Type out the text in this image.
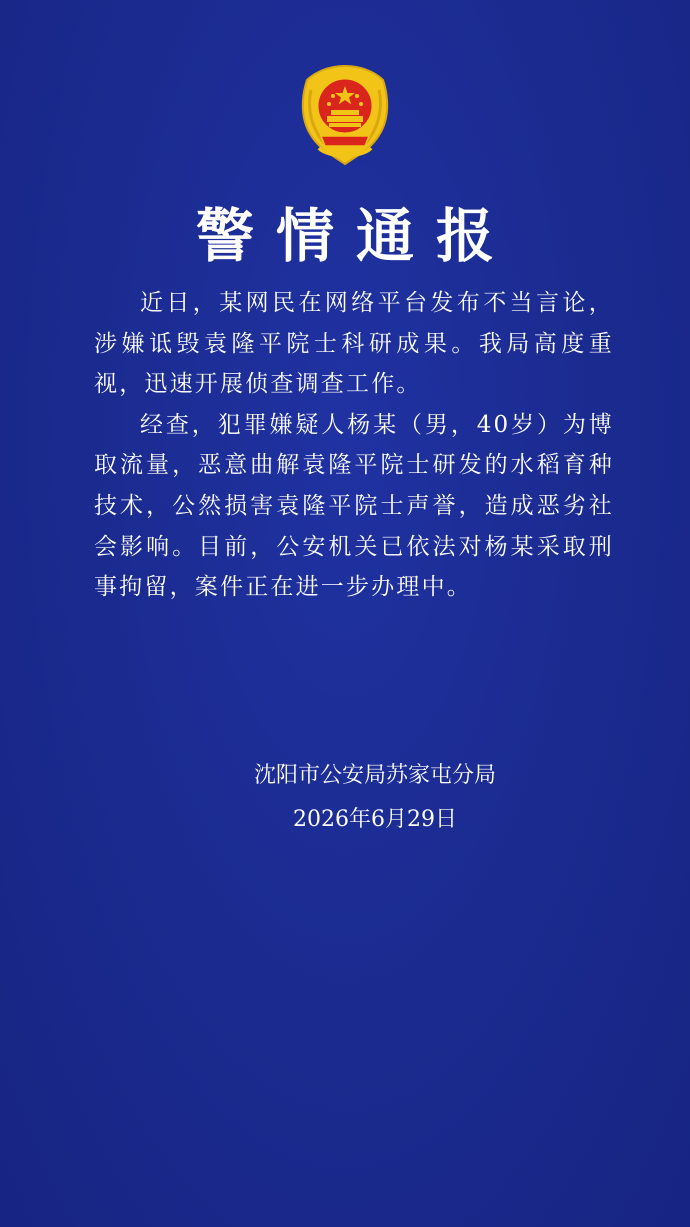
警情通报

近日，某网民在网络平台发布不当言论，涉嫌诋毁袁隆平院士科研成果。我局高度重视，迅速开展侦查调查工作。

经查，犯罪嫌疑人杨某（男，40岁）为博取流量，恶意曲解袁隆平院士研发的水稻育种技术，公然损害袁隆平院士声誉，造成恶劣社会影响。目前，公安机关已依法对杨某采取刑事拘留，案件正在进一步办理中。

沈阳市公安局苏家屯分局
2026年6月29日
